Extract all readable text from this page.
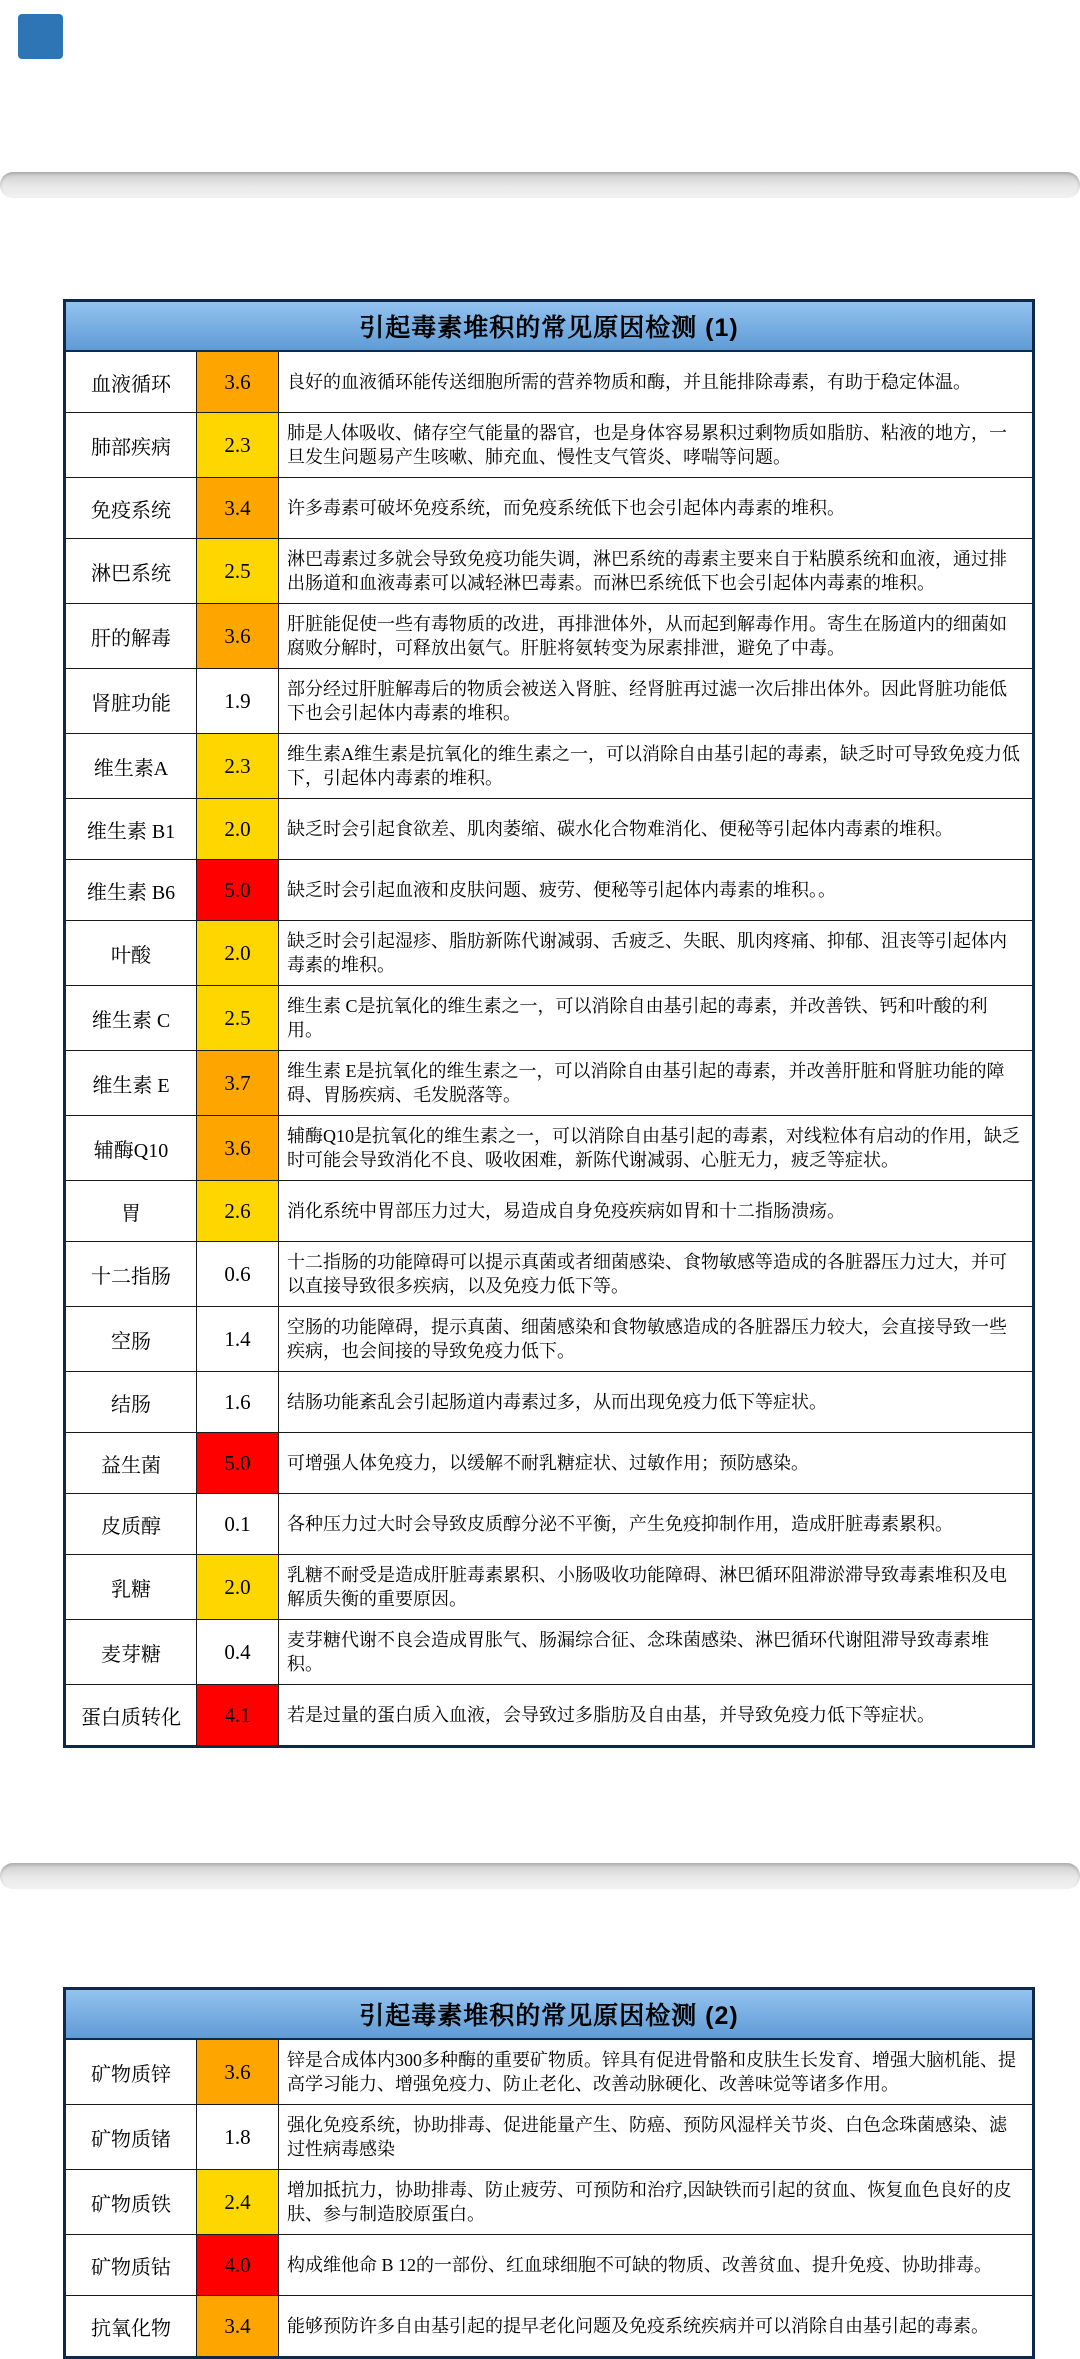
引起毒素堆积的常见原因检测 (1)
血液循环	3.6	良好的血液循环能传送细胞所需的营养物质和酶，并且能排除毒素，有助于稳定体温。
肺部疾病	2.3	肺是人体吸收、储存空气能量的器官，也是身体容易累积过剩物质如脂肪、粘液的地方，一旦发生问题易产生咳嗽、肺充血、慢性支气管炎、哮喘等问题。
免疫系统	3.4	许多毒素可破坏免疫系统，而免疫系统低下也会引起体内毒素的堆积。
淋巴系统	2.5	淋巴毒素过多就会导致免疫功能失调，淋巴系统的毒素主要来自于粘膜系统和血液，通过排出肠道和血液毒素可以减轻淋巴毒素。而淋巴系统低下也会引起体内毒素的堆积。
肝的解毒	3.6	肝脏能促使一些有毒物质的改进，再排泄体外，从而起到解毒作用。寄生在肠道内的细菌如腐败分解时，可释放出氨气。肝脏将氨转变为尿素排泄，避免了中毒。
肾脏功能	1.9	部分经过肝脏解毒后的物质会被送入肾脏、经肾脏再过滤一次后排出体外。因此肾脏功能低下也会引起体内毒素的堆积。
维生素A	2.3	维生素A维生素是抗氧化的维生素之一，可以消除自由基引起的毒素，缺乏时可导致免疫力低下，引起体内毒素的堆积。
维生素 B1	2.0	缺乏时会引起食欲差、肌肉萎缩、碳水化合物难消化、便秘等引起体内毒素的堆积。
维生素 B6	5.0	缺乏时会引起血液和皮肤问题、疲劳、便秘等引起体内毒素的堆积。。
叶酸	2.0	缺乏时会引起湿疹、脂肪新陈代谢减弱、舌疲乏、失眠、肌肉疼痛、抑郁、沮丧等引起体内毒素的堆积。
维生素 C	2.5	维生素 C是抗氧化的维生素之一，可以消除自由基引起的毒素，并改善铁、钙和叶酸的利用。
维生素 E	3.7	维生素 E是抗氧化的维生素之一，可以消除自由基引起的毒素，并改善肝脏和肾脏功能的障碍、胃肠疾病、毛发脱落等。
辅酶Q10	3.6	辅酶Q10是抗氧化的维生素之一，可以消除自由基引起的毒素，对线粒体有启动的作用，缺乏时可能会导致消化不良、吸收困难，新陈代谢减弱、心脏无力，疲乏等症状。
胃	2.6	消化系统中胃部压力过大，易造成自身免疫疾病如胃和十二指肠溃疡。
十二指肠	0.6	十二指肠的功能障碍可以提示真菌或者细菌感染、食物敏感等造成的各脏器压力过大，并可以直接导致很多疾病，以及免疫力低下等。
空肠	1.4	空肠的功能障碍，提示真菌、细菌感染和食物敏感造成的各脏器压力较大，会直接导致一些疾病，也会间接的导致免疫力低下。
结肠	1.6	结肠功能紊乱会引起肠道内毒素过多，从而出现免疫力低下等症状。
益生菌	5.0	可增强人体免疫力，以缓解不耐乳糖症状、过敏作用；预防感染。
皮质醇	0.1	各种压力过大时会导致皮质醇分泌不平衡，产生免疫抑制作用，造成肝脏毒素累积。
乳糖	2.0	乳糖不耐受是造成肝脏毒素累积、小肠吸收功能障碍、淋巴循环阻滞淤滞导致毒素堆积及电解质失衡的重要原因。
麦芽糖	0.4	麦芽糖代谢不良会造成胃胀气、肠漏综合征、念珠菌感染、淋巴循环代谢阻滞导致毒素堆积。
蛋白质转化	4.1	若是过量的蛋白质入血液，会导致过多脂肪及自由基，并导致免疫力低下等症状。
引起毒素堆积的常见原因检测 (2)
矿物质锌	3.6	锌是合成体内300多种酶的重要矿物质。锌具有促进骨骼和皮肤生长发育、增强大脑机能、提高学习能力、增强免疫力、防止老化、改善动脉硬化、改善味觉等诸多作用。
矿物质锗	1.8	强化免疫系统，协助排毒、促进能量产生、防癌、预防风湿样关节炎、白色念珠菌感染、滤过性病毒感染
矿物质铁	2.4	增加抵抗力，协助排毒、防止疲劳、可预防和治疗,因缺铁而引起的贫血、恢复血色良好的皮肤、参与制造胶原蛋白。
矿物质钴	4.0	构成维他命 B 12的一部份、红血球细胞不可缺的物质、改善贫血、提升免疫、协助排毒。
抗氧化物	3.4	能够预防许多自由基引起的提早老化问题及免疫系统疾病并可以消除自由基引起的毒素。
